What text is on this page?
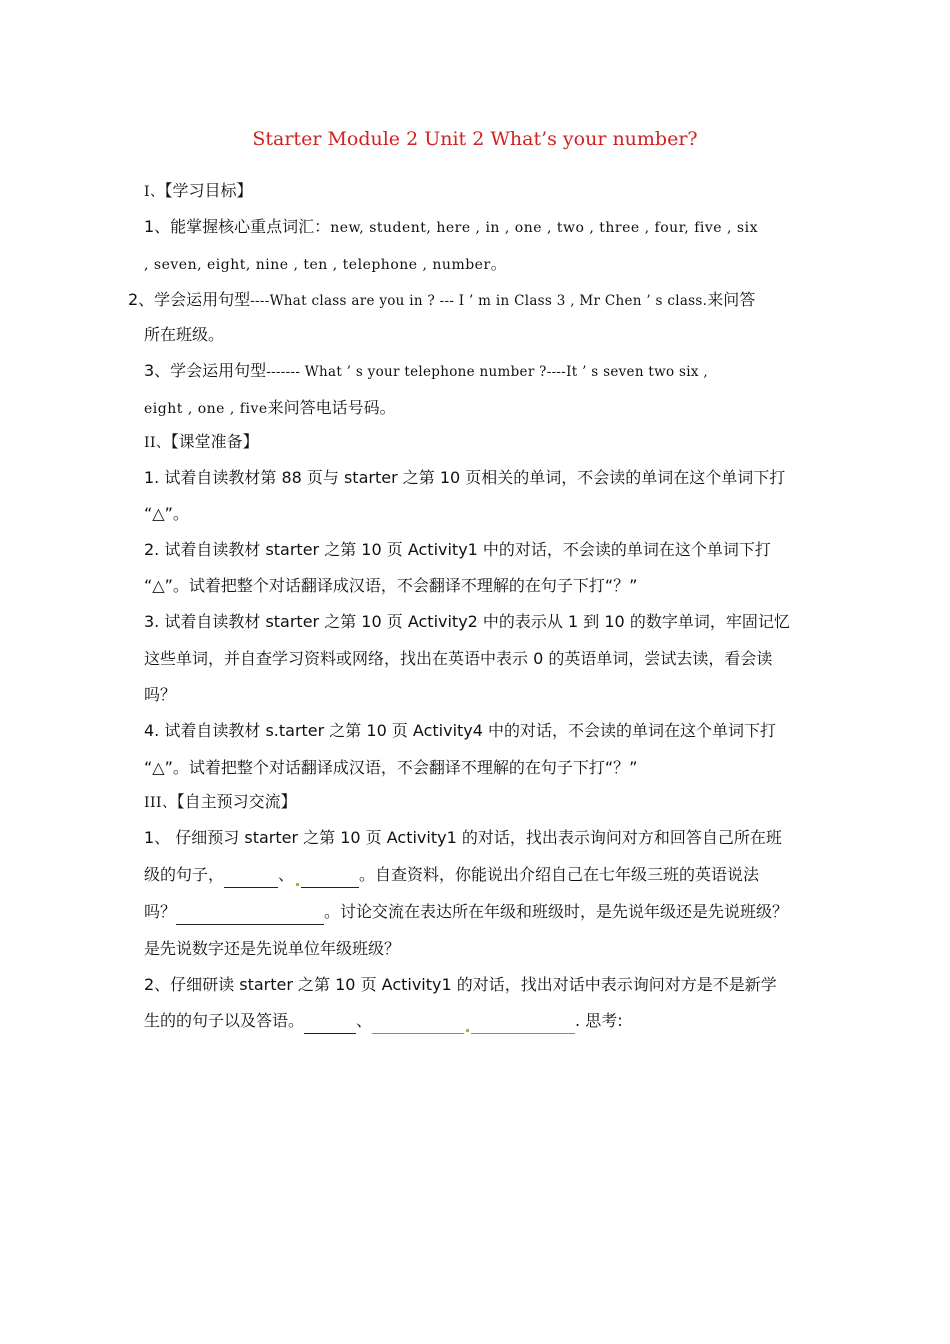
Starter Module 2 Unit 2 What’s your number?
I、【学习目标】
1、能掌握核心重点词汇：new, student, here , in , one , two , three , four, five , six
, seven, eight, nine , ten , telephone , number。
2、学会运用句型----What class are you in ? --- I ’ m in Class 3 , Mr Chen ’ s class.来问答
所在班级。
3、学会运用句型------- What ’ s your telephone number ?----It ’ s seven two six ,
eight , one , five来问答电话号码。
II、【课堂准备】
1. 试着自读教材第 88 页与 starter 之第 10 页相关的单词，不会读的单词在这个单词下打
“△”。
2. 试着自读教材 starter 之第 10 页 Activity1 中的对话，不会读的单词在这个单词下打
“△”。试着把整个对话翻译成汉语，不会翻译不理解的在句子下打“？”
3. 试着自读教材 starter 之第 10 页 Activity2 中的表示从 1 到 10 的数字单词，牢固记忆
这些单词，并自查学习资料或网络，找出在英语中表示 0 的英语单词，尝试去读，看会读
吗？
4. 试着自读教材 s.tarter 之第 10 页 Activity4 中的对话，不会读的单词在这个单词下打
“△”。试着把整个对话翻译成汉语，不会翻译不理解的在句子下打“？”
III、【自主预习交流】
1、 仔细预习 starter 之第 10 页 Activity1 的对话，找出表示询问对方和回答自己所在班
级的句子，	、	。自查资料，你能说出介绍自己在七年级三班的英语说法
吗？	。讨论交流在表达所在年级和班级时，是先说年级还是先说班级？
是先说数字还是先说单位年级班级？
2、仔细研读 starter 之第 10 页 Activity1 的对话，找出对话中表示询问对方是不是新学
生的的句子以及答语。	、	. 思考:
